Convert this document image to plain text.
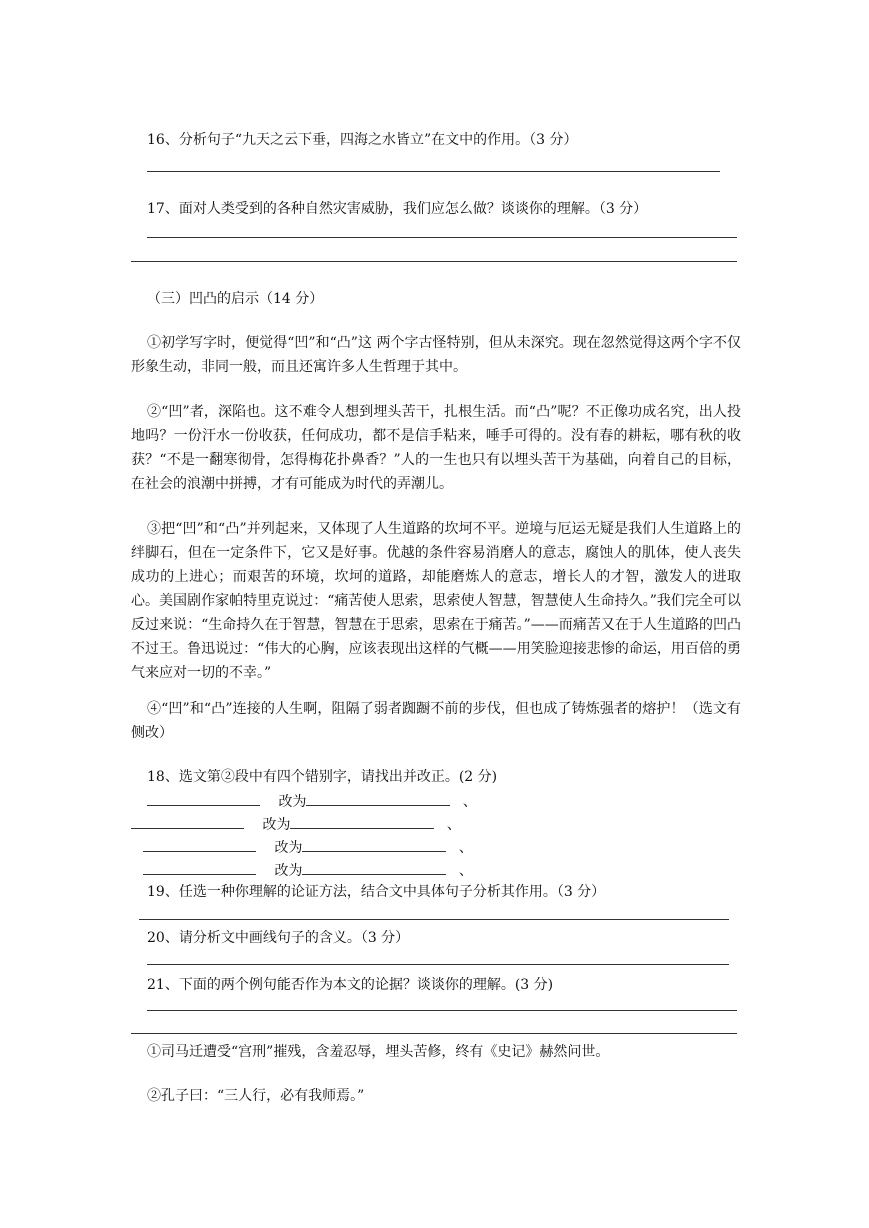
16、分析句子“九天之云下垂，四海之水皆立”在文中的作用。（3 分）
17、面对人类受到的各种自然灾害威胁，我们应怎么做？谈谈你的理解。（3 分）
（三）凹凸的启示（14 分）
①初学写字时，便觉得“凹”和“凸”这 两个字古怪特别，但从未深究。现在忽然觉得这两个字不仅形象生动，非同一般，而且还寓许多人生哲理于其中。
②“凹”者，深陷也。这不难令人想到埋头苦干，扎根生活。而“凸”呢？不正像功成名究，出人投地吗？一份汗水一份收获，任何成功，都不是信手粘来，唾手可得的。没有春的耕耘，哪有秋的收获？“不是一翻寒彻骨，怎得梅花扑鼻香？”人的一生也只有以埋头苦干为基础，向着自己的目标，在社会的浪潮中拼搏，才有可能成为时代的弄潮儿。
③把“凹”和“凸”并列起来，又体现了人生道路的坎坷不平。逆境与厄运无疑是我们人生道路上的绊脚石，但在一定条件下，它又是好事。优越的条件容易消磨人的意志，腐蚀人的肌体，使人丧失成功的上进心；而艰苦的环境，坎坷的道路，却能磨炼人的意志，增长人的才智，激发人的进取心。美国剧作家帕特里克说过：“痛苦使人思索，思索使人智慧，智慧使人生命持久。”我们完全可以反过来说：“生命持久在于智慧，智慧在于思索，思索在于痛苦。”——而痛苦又在于人生道路的凹凸不过王。鲁迅说过：“伟大的心胸，应该表现出这样的气概——用笑脸迎接悲惨的命运，用百倍的勇气来应对一切的不幸。”
④“凹”和“凸”连接的人生啊，阻隔了弱者踟蹰不前的步伐，但也成了铸炼强者的熔护！（选文有侧改）
18、选文第②段中有四个错别字，请找出并改正。(2 分)
改为	、
改为	、
改为	、
改为	、
19、任选一种你理解的论证方法，结合文中具体句子分析其作用。（3 分）
20、请分析文中画线句子的含义。（3 分）
21、下面的两个例句能否作为本文的论据？谈谈你的理解。(3 分)
①司马迁遭受“宫刑”摧残，含羞忍辱，埋头苦修，终有《史记》赫然问世。
②孔子曰：“三人行，必有我师焉。”
